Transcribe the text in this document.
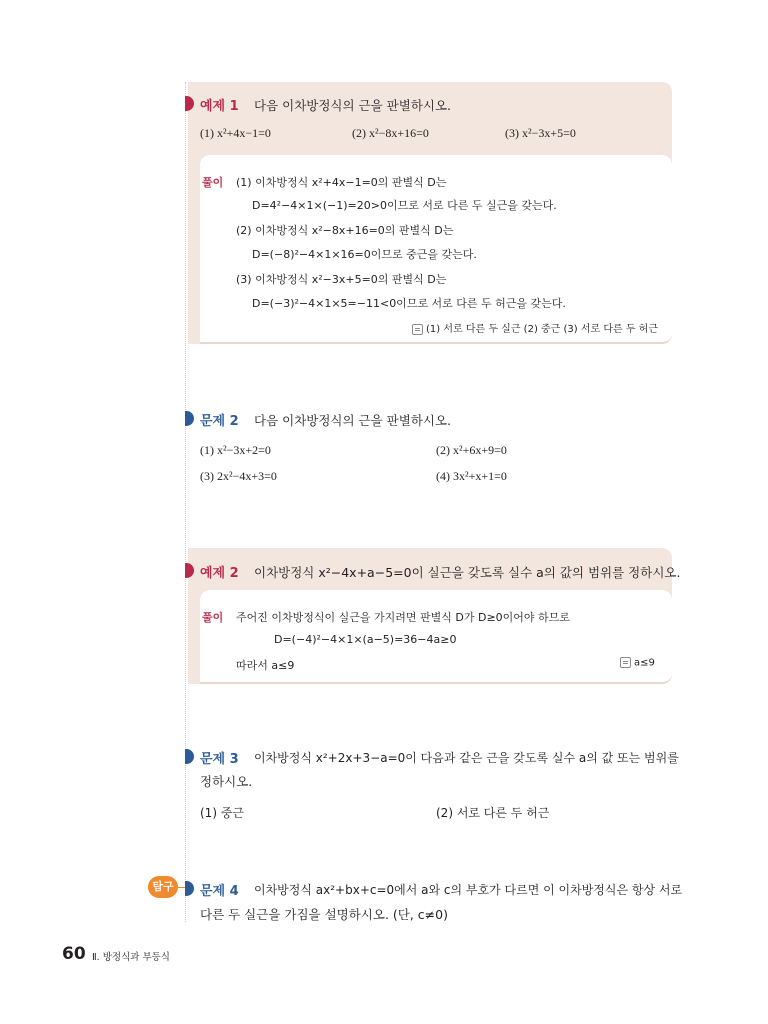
예제 1 다음 이차방정식의 근을 판별하시오.
(1) x²+4x−1=0	(2) x²−8x+16=0	(3) x²−3x+5=0
풀이 (1) 이차방정식 x²+4x−1=0의 판별식 D는
D=4²−4×1×(−1)=20>0이므로 서로 다른 두 실근을 갖는다.
(2) 이차방정식 x²−8x+16=0의 판별식 D는
D=(−8)²−4×1×16=0이므로 중근을 갖는다.
(3) 이차방정식 x²−3x+5=0의 판별식 D는
D=(−3)²−4×1×5=−11<0이므로 서로 다른 두 허근을 갖는다.
(1) 서로 다른 두 실근 (2) 중근 (3) 서로 다른 두 허근
문제 2 다음 이차방정식의 근을 판별하시오.
(1) x²−3x+2=0	(2) x²+6x+9=0
(3) 2x²−4x+3=0	(4) 3x²+x+1=0
예제 2 이차방정식 x²−4x+a−5=0이 실근을 갖도록 실수 a의 값의 범위를 정하시오.
풀이 주어진 이차방정식이 실근을 가지려면 판별식 D가 D≥0이어야 하므로
D=(−4)²−4×1×(a−5)=36−4a≥0
따라서 a≤9	a≤9
문제 3 이차방정식 x²+2x+3−a=0이 다음과 같은 근을 갖도록 실수 a의 값 또는 범위를
정하시오.
(1) 중근	(2) 서로 다른 두 허근
탐구	문제 4 이차방정식 ax²+bx+c=0에서 a와 c의 부호가 다르면 이 이차방정식은 항상 서로
다른 두 실근을 가짐을 설명하시오. (단, c≠0)
60 Ⅱ. 방정식과 부등식
